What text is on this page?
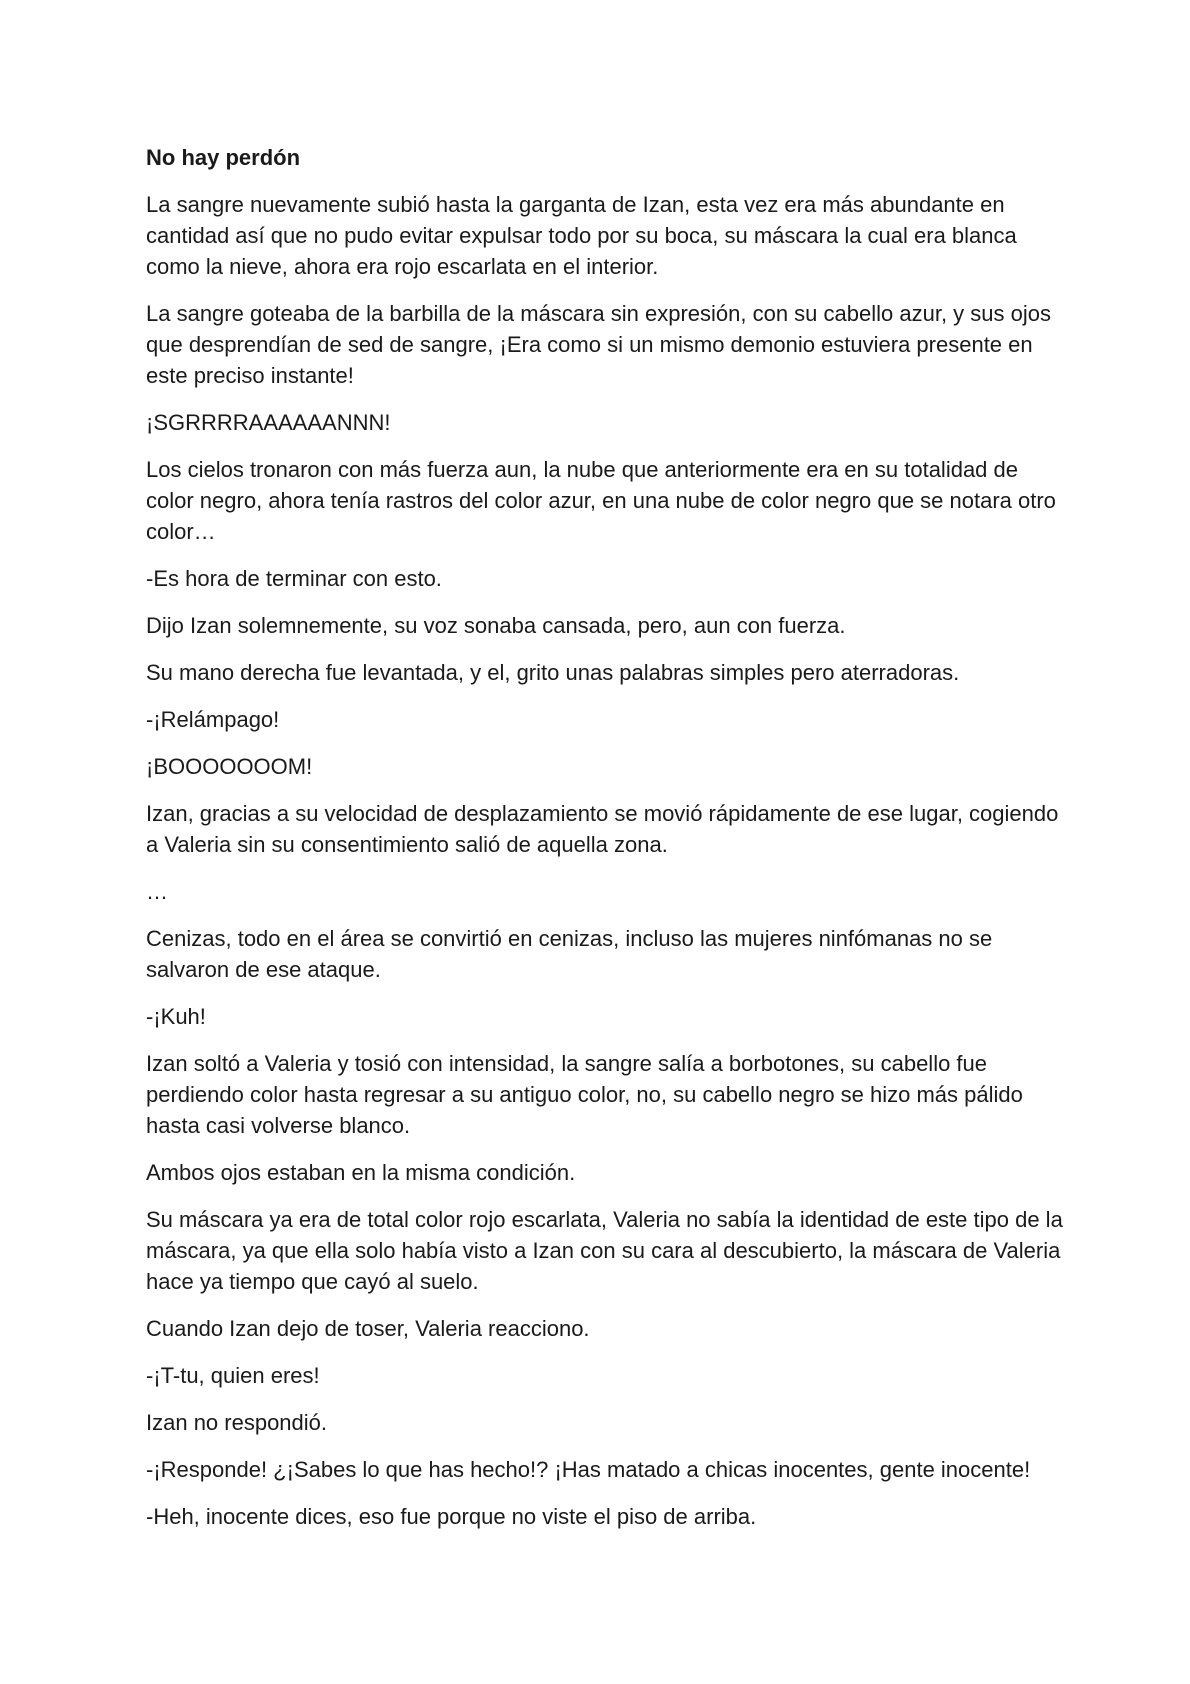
No hay perdón

La sangre nuevamente subió hasta la garganta de Izan, esta vez era más abundante en cantidad así que no pudo evitar expulsar todo por su boca, su máscara la cual era blanca como la nieve, ahora era rojo escarlata en el interior.

La sangre goteaba de la barbilla de la máscara sin expresión, con su cabello azur, y sus ojos que desprendían de sed de sangre, ¡Era como si un mismo demonio estuviera presente en este preciso instante!

¡SGRRRRAAAAAANNN!

Los cielos tronaron con más fuerza aun, la nube que anteriormente era en su totalidad de color negro, ahora tenía rastros del color azur, en una nube de color negro que se notara otro color…

-Es hora de terminar con esto.

Dijo Izan solemnemente, su voz sonaba cansada, pero, aun con fuerza.

Su mano derecha fue levantada, y el, grito unas palabras simples pero aterradoras.

-¡Relámpago!

¡BOOOOOOOM!

Izan, gracias a su velocidad de desplazamiento se movió rápidamente de ese lugar, cogiendo a Valeria sin su consentimiento salió de aquella zona.

…

Cenizas, todo en el área se convirtió en cenizas, incluso las mujeres ninfómanas no se salvaron de ese ataque.

-¡Kuh!

Izan soltó a Valeria y tosió con intensidad, la sangre salía a borbotones, su cabello fue perdiendo color hasta regresar a su antiguo color, no, su cabello negro se hizo más pálido hasta casi volverse blanco.

Ambos ojos estaban en la misma condición.

Su máscara ya era de total color rojo escarlata, Valeria no sabía la identidad de este tipo de la máscara, ya que ella solo había visto a Izan con su cara al descubierto, la máscara de Valeria hace ya tiempo que cayó al suelo.

Cuando Izan dejo de toser, Valeria reacciono.

-¡T-tu, quien eres!

Izan no respondió.

-¡Responde! ¿¡Sabes lo que has hecho!? ¡Has matado a chicas inocentes, gente inocente!

-Heh, inocente dices, eso fue porque no viste el piso de arriba.
